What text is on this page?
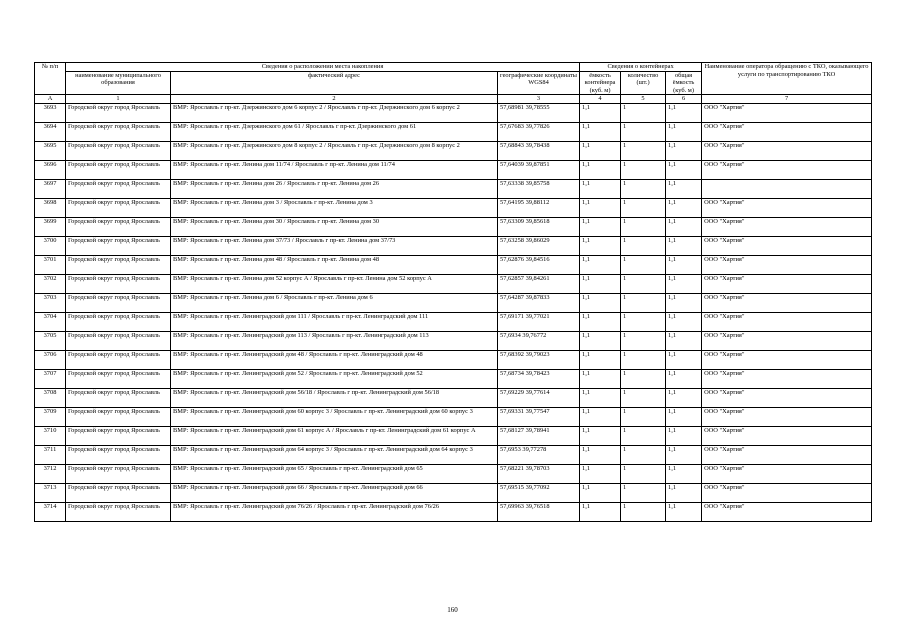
№ п/п	Сведения о расположении места накопления			Сведения о контейнерах			Наименование оператора обращению с ТКО, оказывающего услуги по транспортированию ТКО
	наименование муниципального образования	фактический адрес	географические координаты WGS84	ёмкость контейнера (куб. м)	количество (шт.)	общая ёмкость (куб. м)	
А	1	2	3	4	5	6	7
3693	Городской округ город Ярославль	ВМР: Ярославль г пр-кт. Дзержинского дом 6 корпус 2 / Ярославль г пр-кт. Дзержинского дом 6 корпус 2	57,68981 39,78555	1,1	1	1,1	ООО "Хартия"
3694	Городской округ город Ярославль	ВМР: Ярославль г пр-кт. Дзержинского дом 61 / Ярославль г пр-кт. Дзержинского дом 61	57,67683 39,77826	1,1	1	1,1	ООО "Хартия"
3695	Городской округ город Ярославль	ВМР: Ярославль г пр-кт. Дзержинского дом 8 корпус 2 / Ярославль г пр-кт. Дзержинского дом 8 корпус 2	57,68843 39,78438	1,1	1	1,1	ООО "Хартия"
3696	Городской округ город Ярославль	ВМР: Ярославль г пр-кт. Ленина дом 11/74 / Ярославль г пр-кт. Ленина дом 11/74	57,64039 39,87851	1,1	1	1,1	ООО "Хартия"
3697	Городской округ город Ярославль	ВМР: Ярославль г пр-кт. Ленина дом 26 / Ярославль г пр-кт. Ленина дом 26	57,63338 39,85758	1,1	1	1,1	
3698	Городской округ город Ярославль	ВМР: Ярославль г пр-кт. Ленина дом 3 / Ярославль г пр-кт. Ленина дом 3	57,64195 39,88112	1,1	1	1,1	ООО "Хартия"
3699	Городской округ город Ярославль	ВМР: Ярославль г пр-кт. Ленина дом 30 / Ярославль г пр-кт. Ленина дом 30	57,63309 39,85618	1,1	1	1,1	ООО "Хартия"
3700	Городской округ город Ярославль	ВМР: Ярославль г пр-кт. Ленина дом 37/73 / Ярославль г пр-кт. Ленина дом 37/73	57,63258 39,86029	1,1	1	1,1	ООО "Хартия"
3701	Городской округ город Ярославль	ВМР: Ярославль г пр-кт. Ленина дом 48 / Ярославль г пр-кт. Ленина дом 48	57,62876 39,84516	1,1	1	1,1	ООО "Хартия"
3702	Городской округ город Ярославль	ВМР: Ярославль г пр-кт. Ленина дом 52 корпус А / Ярославль г пр-кт. Ленина дом 52 корпус А	57,62857 39,84261	1,1	1	1,1	ООО "Хартия"
3703	Городской округ город Ярославль	ВМР: Ярославль г пр-кт. Ленина дом 6 / Ярославль г пр-кт. Ленина дом 6	57,64287 39,87833	1,1	1	1,1	ООО "Хартия"
3704	Городской округ город Ярославль	ВМР: Ярославль г пр-кт. Ленинградский дом 111 / Ярославль г пр-кт. Ленинградский дом 111	57,69171 39,77021	1,1	1	1,1	ООО "Хартия"
3705	Городской округ город Ярославль	ВМР: Ярославль г пр-кт. Ленинградский дом 113 / Ярославль г пр-кт. Ленинградский дом 113	57,6934 39,76772	1,1	1	1,1	ООО "Хартия"
3706	Городской округ город Ярославль	ВМР: Ярославль г пр-кт. Ленинградский дом 48 / Ярославль г пр-кт. Ленинградский дом 48	57,68392 39,79023	1,1	1	1,1	ООО "Хартия"
3707	Городской округ город Ярославль	ВМР: Ярославль г пр-кт. Ленинградский дом 52 / Ярославль г пр-кт. Ленинградский дом 52	57,68734 39,78423	1,1	1	1,1	ООО "Хартия"
3708	Городской округ город Ярославль	ВМР: Ярославль г пр-кт. Ленинградский дом 56/18 / Ярославль г пр-кт. Ленинградский дом 56/18	57,69229 39,77614	1,1	1	1,1	ООО "Хартия"
3709	Городской округ город Ярославль	ВМР: Ярославль г пр-кт. Ленинградский дом 60 корпус 3 / Ярославль г пр-кт. Ленинградский дом 60 корпус 3	57,69331 39,77547	1,1	1	1,1	ООО "Хартия"
3710	Городской округ город Ярославль	ВМР: Ярославль г пр-кт. Ленинградский дом 61 корпус А / Ярославль г пр-кт. Ленинградский дом 61 корпус А	57,68127 39,78941	1,1	1	1,1	ООО "Хартия"
3711	Городской округ город Ярославль	ВМР: Ярославль г пр-кт. Ленинградский дом 64 корпус 3 / Ярославль г пр-кт. Ленинградский дом 64 корпус 3	57,6953 39,77278	1,1	1	1,1	ООО "Хартия"
3712	Городской округ город Ярославль	ВМР: Ярославль г пр-кт. Ленинградский дом 65 / Ярославль г пр-кт. Ленинградский дом 65	57,68221 39,78703	1,1	1	1,1	ООО "Хартия"
3713	Городской округ город Ярославль	ВМР: Ярославль г пр-кт. Ленинградский дом 66 / Ярославль г пр-кт. Ленинградский дом 66	57,69515 39,77092	1,1	1	1,1	ООО "Хартия"
3714	Городской округ город Ярославль	ВМР: Ярославль г пр-кт. Ленинградский дом 76/26 / Ярославль г пр-кт. Ленинградский дом 76/26	57,69963 39,76518	1,1	1	1,1	ООО "Хартия"
160
